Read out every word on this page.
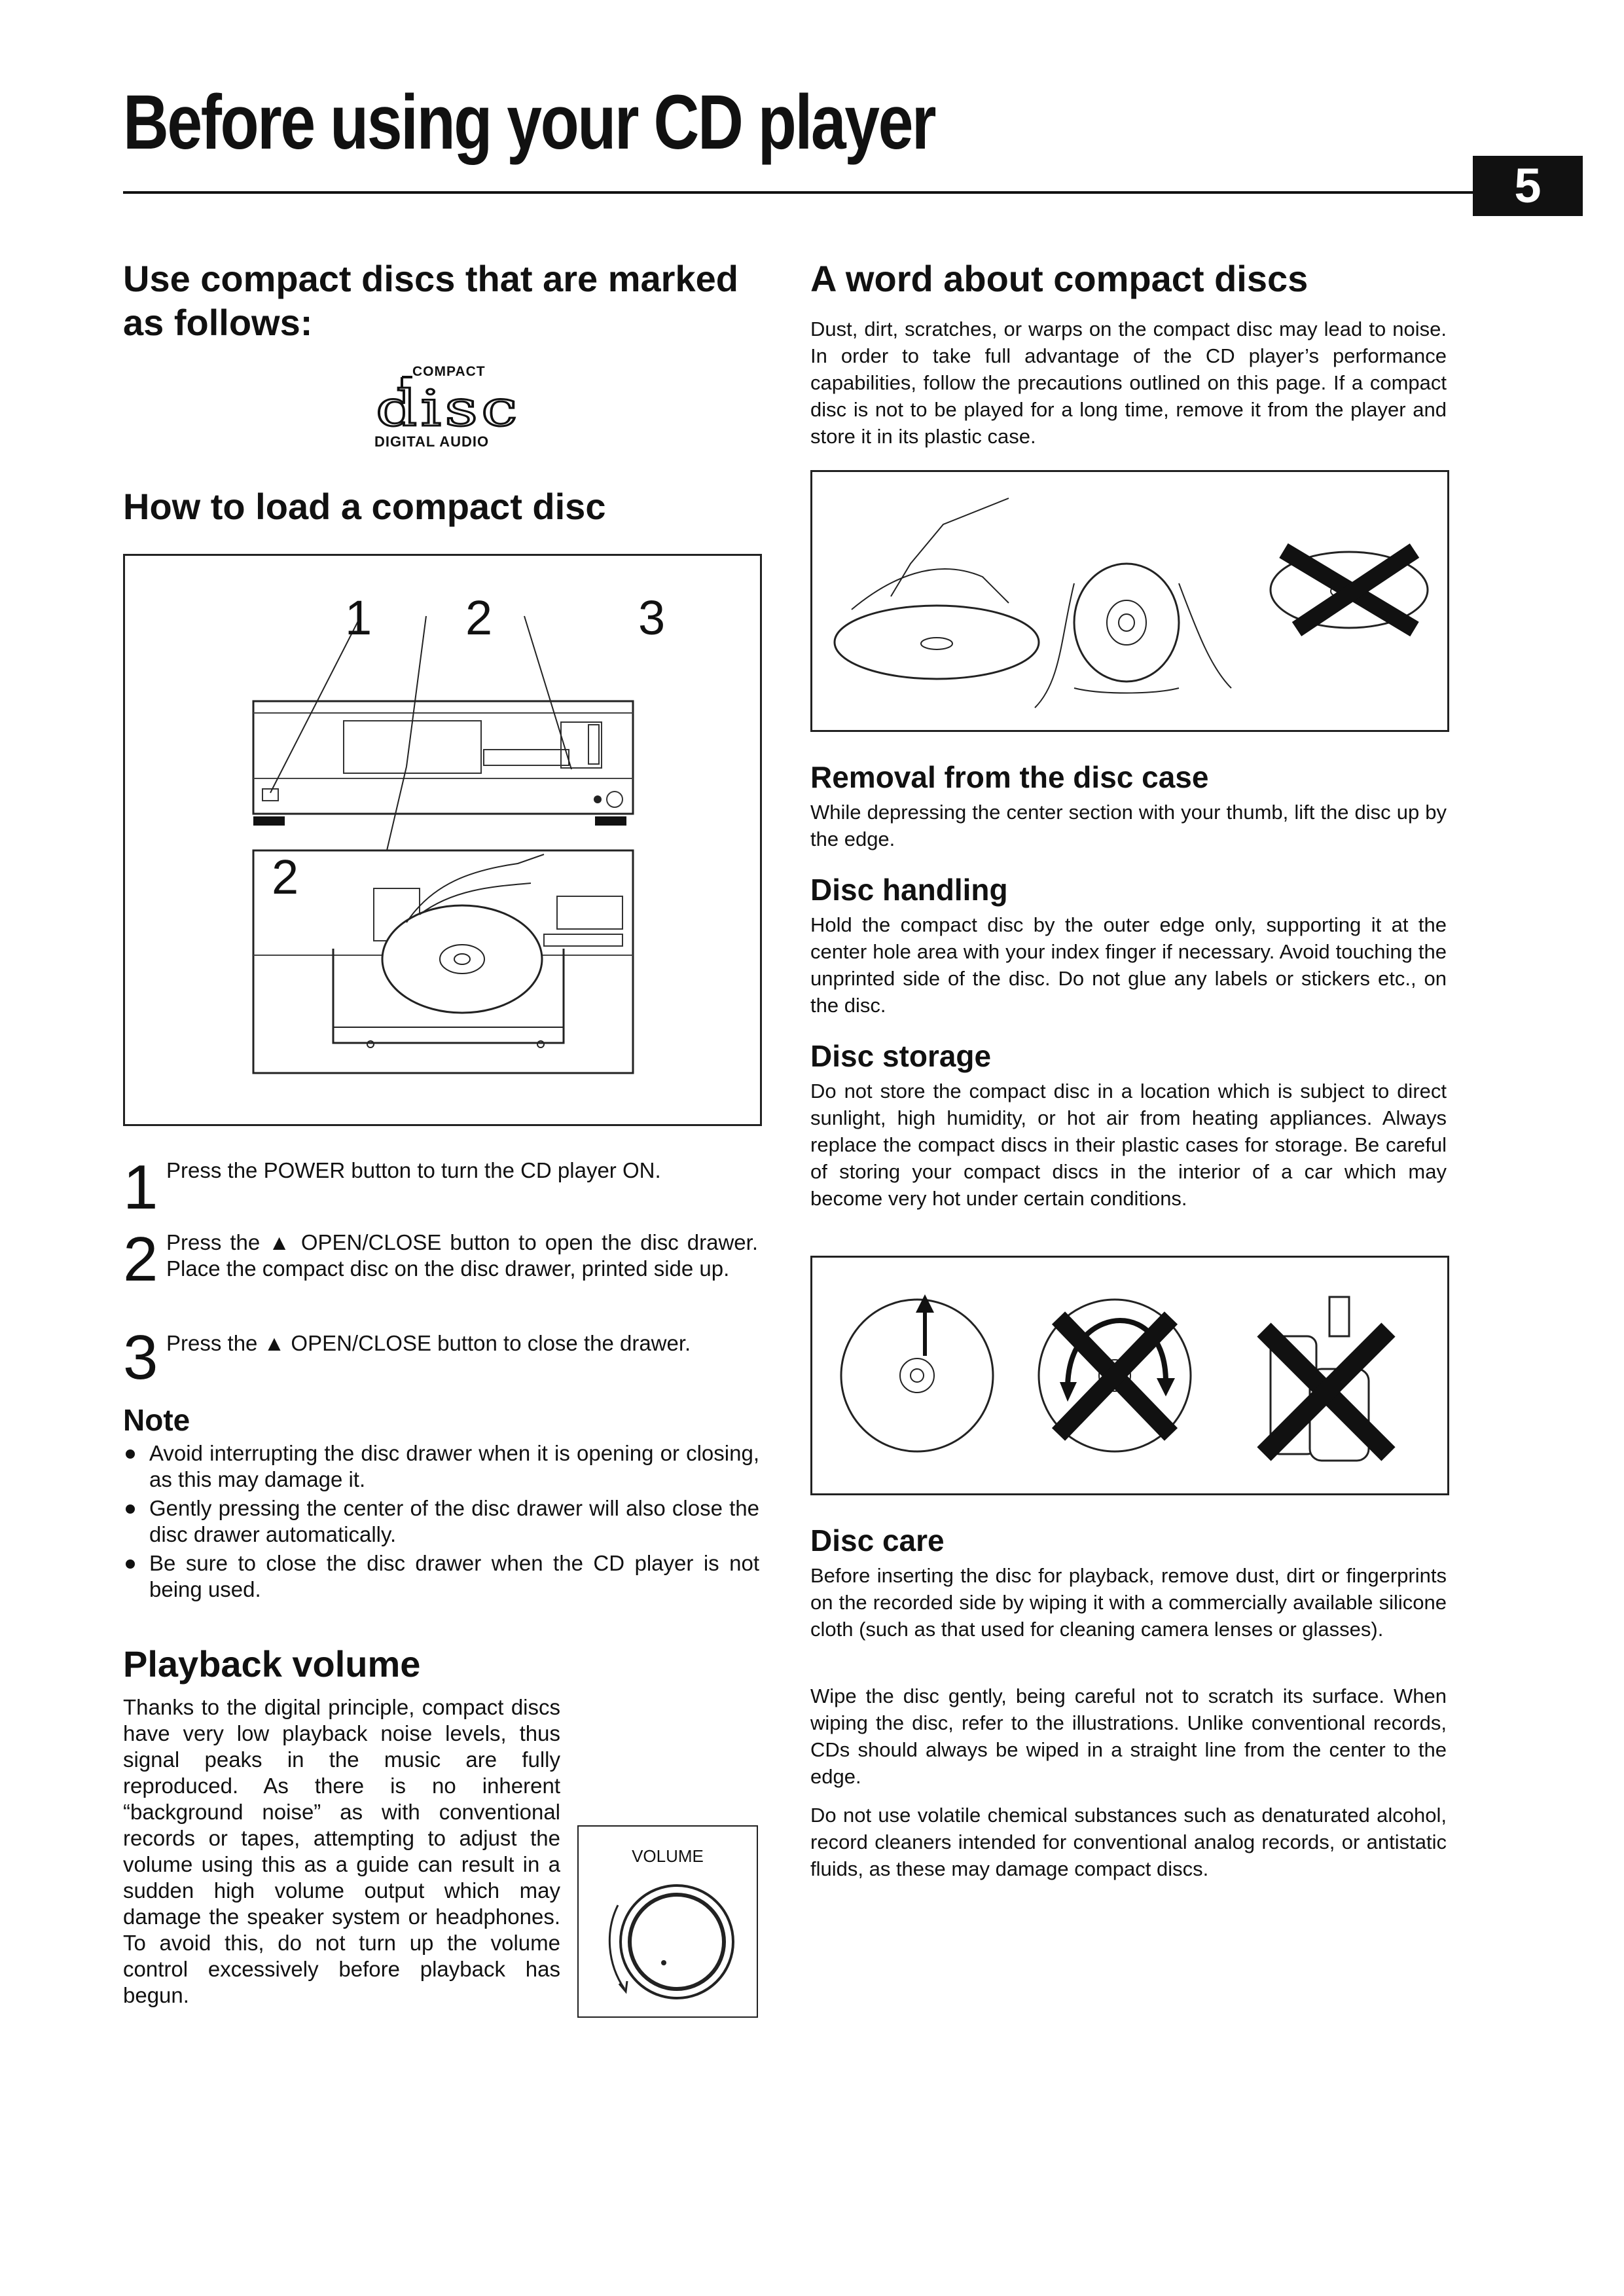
Before using your CD player
5
Use compact discs that are marked as follows:
COMPACT
disc
DIGITAL AUDIO
How to load a compact disc
1 2	3
2
1 Press the POWER button to turn the CD player ON.
2 Press the ▲ OPEN/CLOSE button to open the disc drawer. Place the compact disc on the disc drawer, printed side up.
3 Press the ▲ OPEN/CLOSE button to close the drawer.
Note
Avoid interrupting the disc drawer when it is opening or closing, as this may damage it.
Gently pressing the center of the disc drawer will also close the disc drawer automatically.
Be sure to close the disc drawer when the CD player is not being used.
Playback volume
VOLUME
Thanks to the digital principle, compact discs have very low playback noise levels, thus signal peaks in the music are fully reproduced. As there is no inherent “background noise” as with conventional records or tapes, attempting to adjust the volume using this as a guide can result in a sudden high volume output which may damage the speaker system or headphones. To avoid this, do not turn up the volume control excessively before playback has begun.
A word about compact discs
Dust, dirt, scratches, or warps on the compact disc may lead to noise. In order to take full advantage of the CD player’s performance capabilities, follow the precautions outlined on this page. If a compact disc is not to be played for a long time, remove it from the player and store it in its plastic case.
Removal from the disc case
While depressing the center section with your thumb, lift the disc up by the edge.
Disc handling
Hold the compact disc by the outer edge only, supporting it at the center hole area with your index finger if necessary. Avoid touching the unprinted side of the disc. Do not glue any labels or stickers etc., on the disc.
Disc storage
Do not store the compact disc in a location which is subject to direct sunlight, high humidity, or hot air from heating appliances. Always replace the compact discs in their plastic cases for storage. Be careful of storing your compact discs in the interior of a car which may become very hot under certain conditions.
Disc care
Before inserting the disc for playback, remove dust, dirt or fingerprints on the recorded side by wiping it with a commercially available silicone cloth (such as that used for cleaning camera lenses or glasses).
Wipe the disc gently, being careful not to scratch its surface. When wiping the disc, refer to the illustrations. Unlike conventional records, CDs should always be wiped in a straight line from the center to the edge.
Do not use volatile chemical substances such as denaturated alcohol, record cleaners intended for conventional analog records, or antistatic fluids, as these may damage compact discs.
